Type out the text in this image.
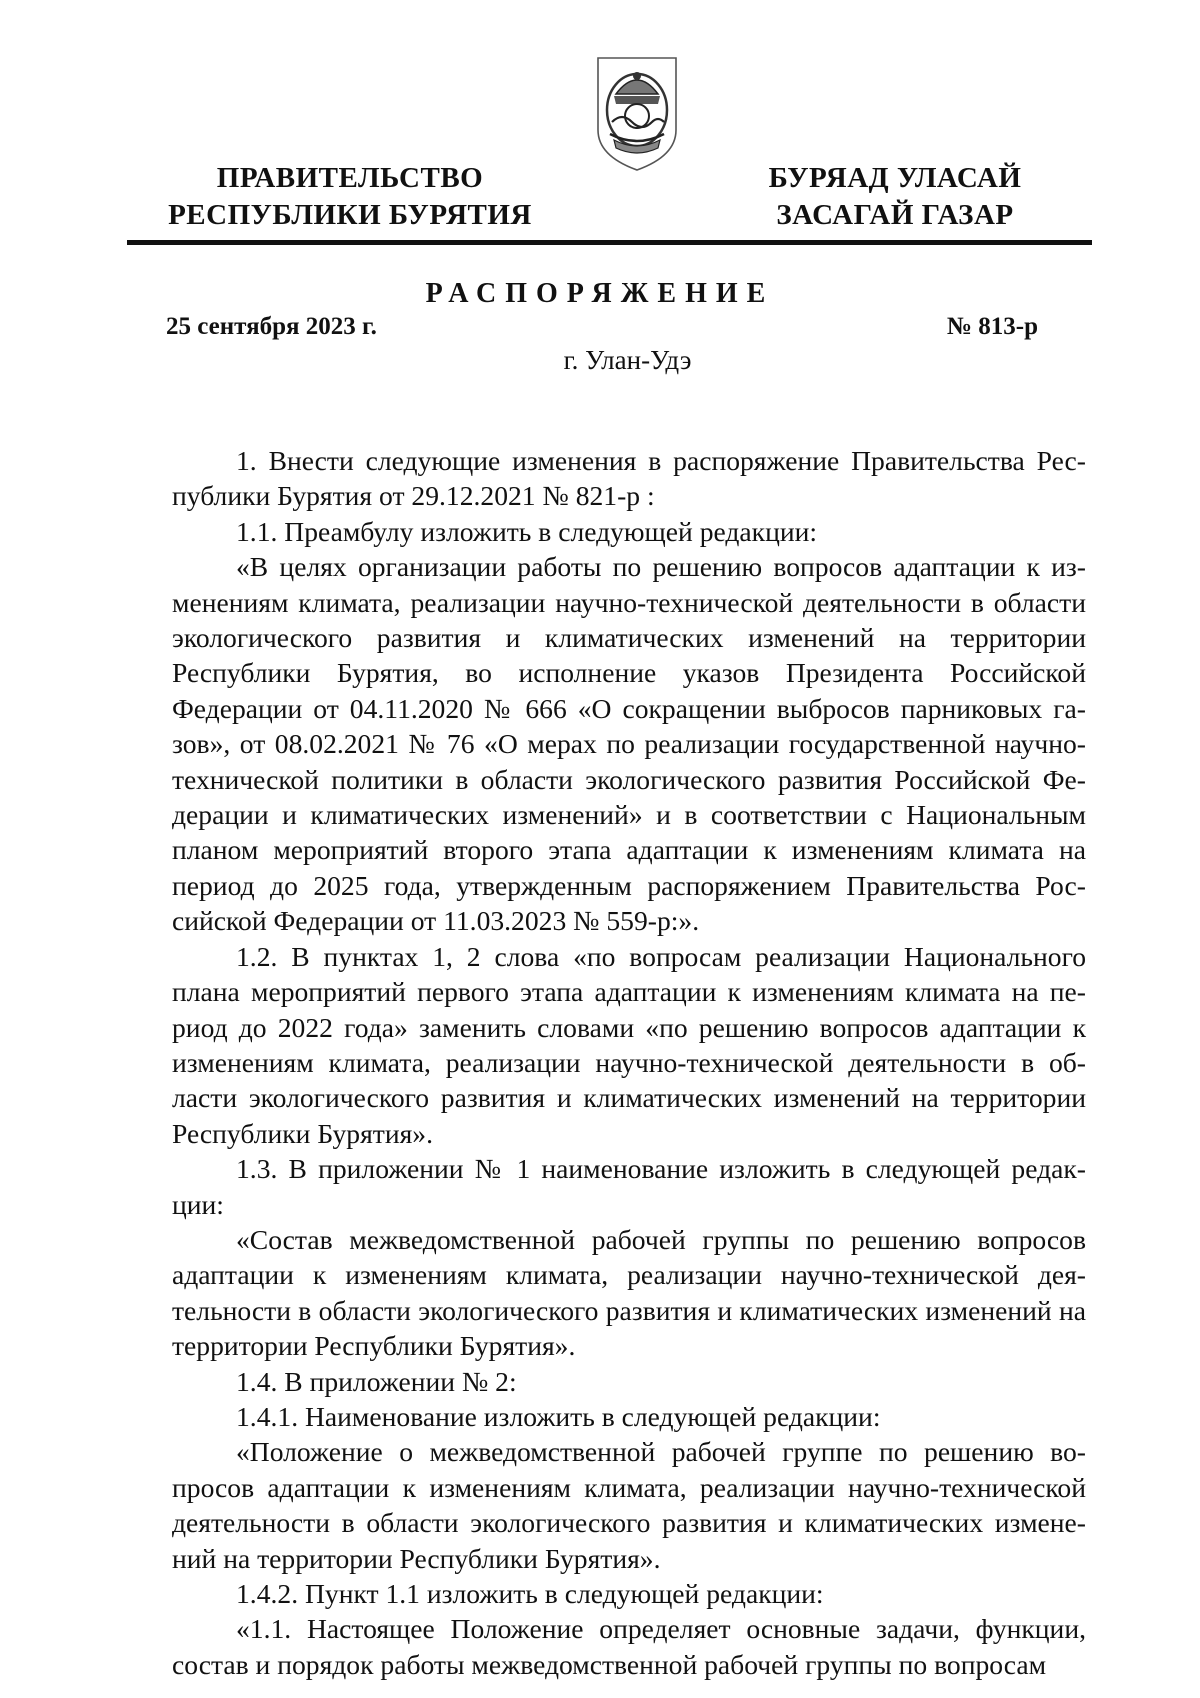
ПРАВИТЕЛЬСТВО
РЕСПУБЛИКИ БУРЯТИЯ
БУРЯАД УЛАСАЙ
ЗАСАГАЙ ГАЗАР
РАСПОРЯЖЕНИЕ
25 сентября 2023 г.	№ 813-р
г. Улан-Удэ

1. Внести следующие изменения в распоряжение Правительства Республики Бурятия от 29.12.2021 № 821-р :

1.1. Преамбулу изложить в следующей редакции:

«В целях организации работы по решению вопросов адаптации к изменениям климата, реализации научно-технической деятельности в области экологического развития и климатических изменений на территории Республики Бурятия, во исполнение указов Президента Российской Федерации от 04.11.2020 № 666 «О сокращении выбросов парниковых газов», от 08.02.2021 № 76 «О мерах по реализации государственной научно-технической политики в области экологического развития Российской Федерации и климатических изменений» и в соответствии с Национальным планом мероприятий второго этапа адаптации к изменениям климата на период до 2025 года, утвержденным распоряжением Правительства Российской Федерации от 11.03.2023 № 559-р:».

1.2. В пунктах 1, 2 слова «по вопросам реализации Национального плана мероприятий первого этапа адаптации к изменениям климата на период до 2022 года» заменить словами «по решению вопросов адаптации к изменениям климата, реализации научно-технической деятельности в области экологического развития и климатических изменений на территории Республики Бурятия».

1.3. В приложении № 1 наименование изложить в следующей редакции:

«Состав межведомственной рабочей группы по решению вопросов адаптации к изменениям климата, реализации научно-технической деятельности в области экологического развития и климатических изменений на территории Республики Бурятия».

1.4. В приложении № 2:

1.4.1. Наименование изложить в следующей редакции:

«Положение о межведомственной рабочей группе по решению вопросов адаптации к изменениям климата, реализации научно-технической деятельности в области экологического развития и климатических изменений на территории Республики Бурятия».

1.4.2. Пункт 1.1 изложить в следующей редакции:

«1.1. Настоящее Положение определяет основные задачи, функции, состав и порядок работы межведомственной рабочей группы по вопросам
